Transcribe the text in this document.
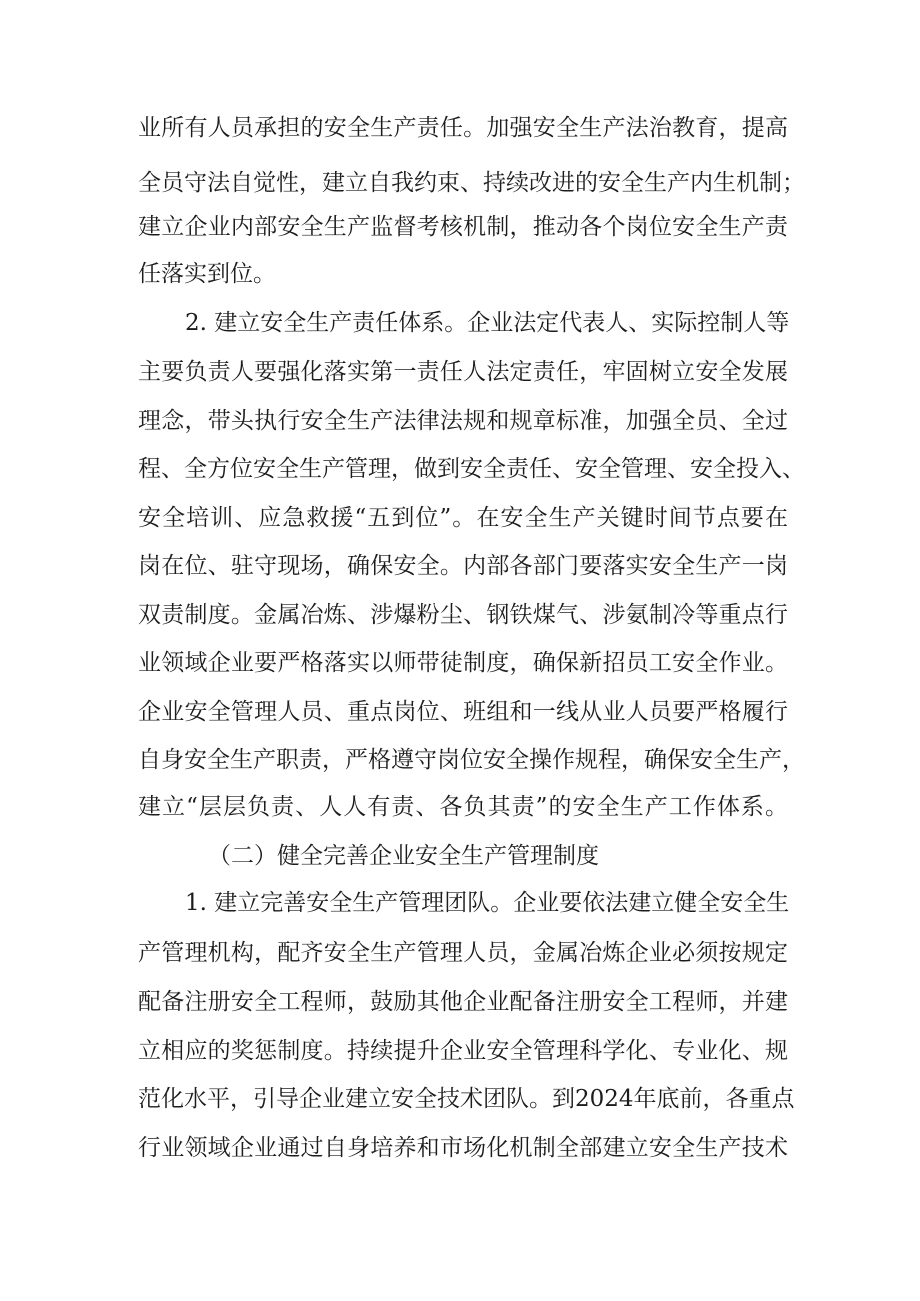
业所有人员承担的安全生产责任。加强安全生产法治教育，提高
全员守法自觉性，建立自我约束、持续改进的安全生产内生机制；
建立企业内部安全生产监督考核机制，推动各个岗位安全生产责
任落实到位。
2. 建立安全生产责任体系。企业法定代表人、实际控制人等
主要负责人要强化落实第一责任人法定责任，牢固树立安全发展
理念，带头执行安全生产法律法规和规章标准，加强全员、全过
程、全方位安全生产管理，做到安全责任、安全管理、安全投入、
安全培训、应急救援“五到位”。在安全生产关键时间节点要在
岗在位、驻守现场，确保安全。内部各部门要落实安全生产一岗
双责制度。金属冶炼、涉爆粉尘、钢铁煤气、涉氨制冷等重点行
业领域企业要严格落实以师带徒制度，确保新招员工安全作业。
企业安全管理人员、重点岗位、班组和一线从业人员要严格履行
自身安全生产职责，严格遵守岗位安全操作规程，确保安全生产，
建立“层层负责、人人有责、各负其责”的安全生产工作体系。
（二）健全完善企业安全生产管理制度
1. 建立完善安全生产管理团队。企业要依法建立健全安全生
产管理机构，配齐安全生产管理人员，金属冶炼企业必须按规定
配备注册安全工程师，鼓励其他企业配备注册安全工程师，并建
立相应的奖惩制度。持续提升企业安全管理科学化、专业化、规
范化水平，引导企业建立安全技术团队。到2024年底前，各重点
行业领域企业通过自身培养和市场化机制全部建立安全生产技术
